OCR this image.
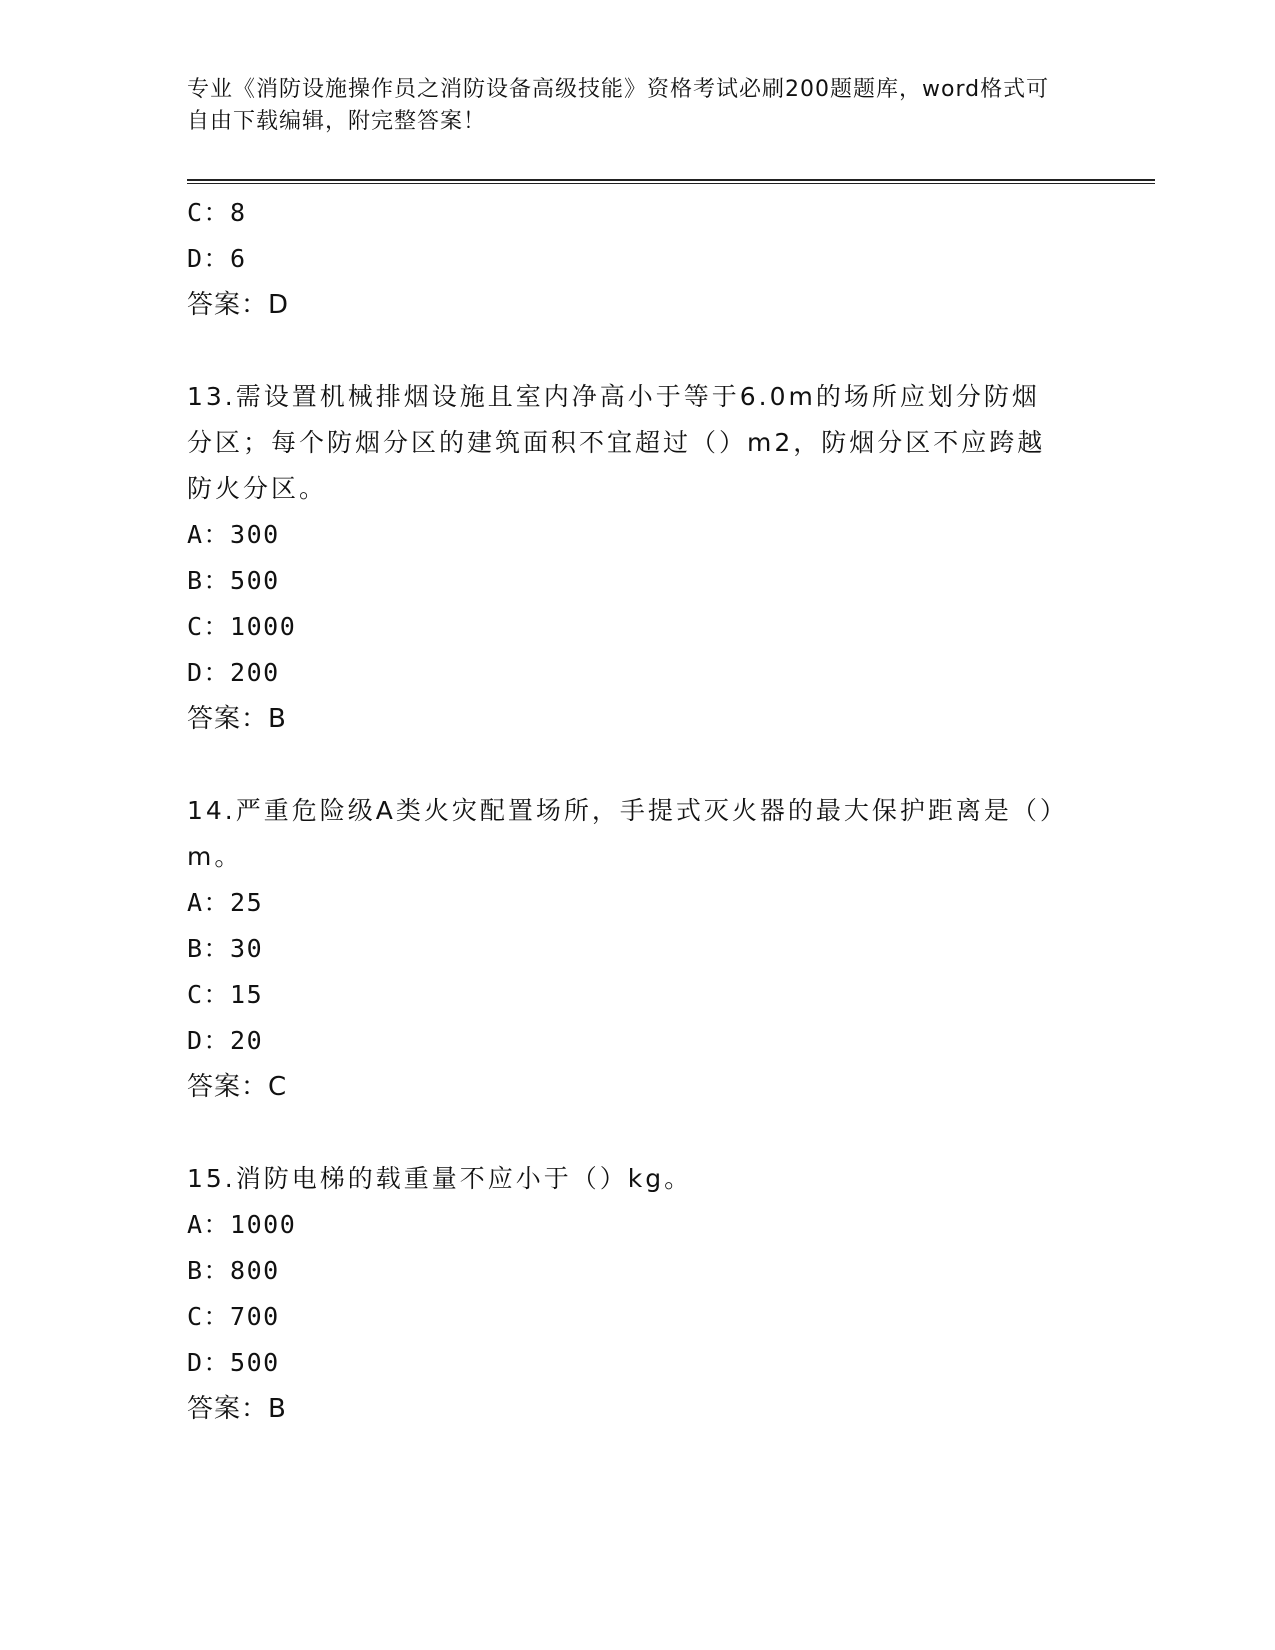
专业《消防设施操作员之消防设备高级技能》资格考试必刷200题题库，word格式可自由下载编辑，附完整答案！
C：8
D：6
答案：D

13.需设置机械排烟设施且室内净高小于等于6.0m的场所应划分防烟分区；每个防烟分区的建筑面积不宜超过（）m2，防烟分区不应跨越防火分区。

A：300
B：500
C：1000
D：200
答案：B

14.严重危险级A类火灾配置场所，手提式灭火器的最大保护距离是（）m。

A：25
B：30
C：15
D：20
答案：C

15.消防电梯的载重量不应小于（）kg。

A：1000
B：800
C：700
D：500
答案：B
